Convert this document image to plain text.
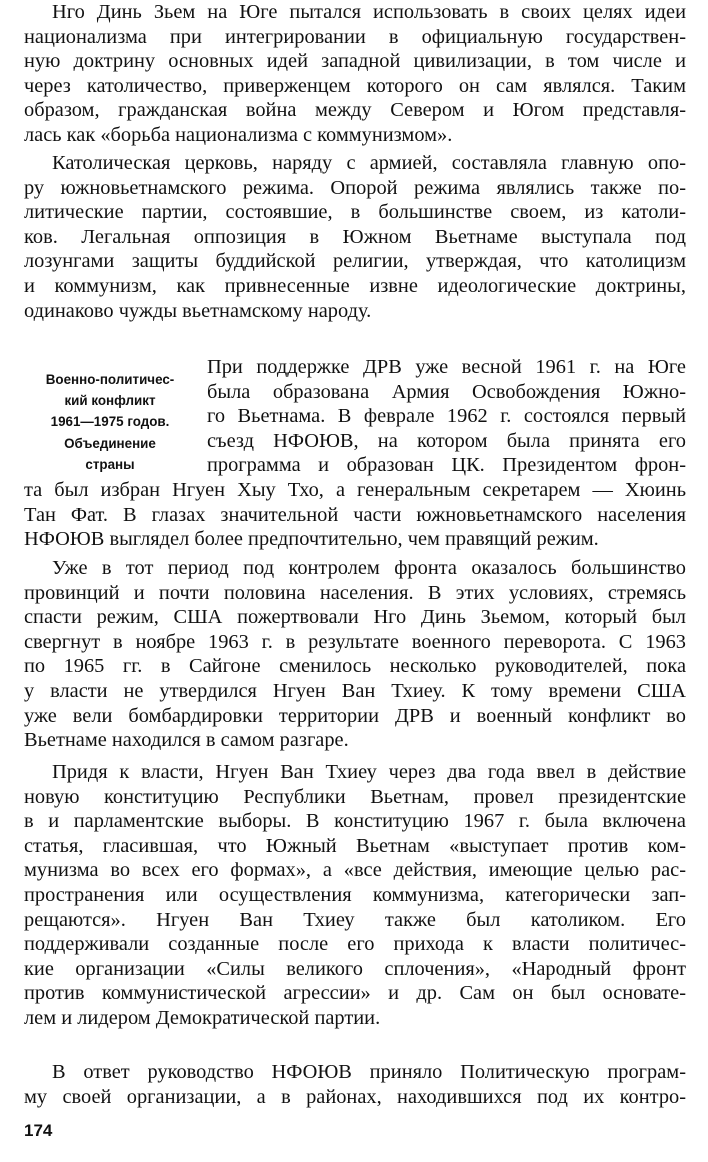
Нго Динь Зьем на Юге пытался использовать в своих целях идеи
национализма при интегрировании в официальную государствен-
ную доктрину основных идей западной цивилизации, в том числе и
через католичество, приверженцем которого он сам являлся. Таким
образом, гражданская война между Севером и Югом представля-
лась как «борьба национализма с коммунизмом».
Католическая церковь, наряду с армией, составляла главную опо-
ру южновьетнамского режима. Опорой режима являлись также по-
литические партии, состоявшие, в большинстве своем, из католи-
ков. Легальная оппозиция в Южном Вьетнаме выступала под
лозунгами защиты буддийской религии, утверждая, что католицизм
и коммунизм, как привнесенные извне идеологические доктрины,
одинаково чужды вьетнамскому народу.
Военно-политичес-
кий конфликт
1961—1975 годов.
Объединение
страны
При поддержке ДРВ уже весной 1961 г. на Юге
была образована Армия Освобождения Южно-
го Вьетнама. В феврале 1962 г. состоялся первый
съезд НФОЮВ, на котором была принята его
программа и образован ЦК. Президентом фрон-
та был избран Нгуен Хыу Тхо, а генеральным секретарем — Хюинь
Тан Фат. В глазах значительной части южновьетнамского населения
НФОЮВ выглядел более предпочтительно, чем правящий режим.
Уже в тот период под контролем фронта оказалось большинство
провинций и почти половина населения. В этих условиях, стремясь
спасти режим, США пожертвовали Нго Динь Зьемом, который был
свергнут в ноябре 1963 г. в результате военного переворота. С 1963
по 1965 гг. в Сайгоне сменилось несколько руководителей, пока
у власти не утвердился Нгуен Ван Тхиеу. К тому времени США
уже вели бомбардировки территории ДРВ и военный конфликт во
Вьетнаме находился в самом разгаре.
Придя к власти, Нгуен Ван Тхиеу через два года ввел в действие
новую конституцию Республики Вьетнам, провел президентские
в и парламентские выборы. В конституцию 1967 г. была включена
статья, гласившая, что Южный Вьетнам «выступает против ком-
мунизма во всех его формах», а «все действия, имеющие целью рас-
пространения или осуществления коммунизма, категорически зап-
рещаются». Нгуен Ван Тхиеу также был католиком. Его
поддерживали созданные после его прихода к власти политичес-
кие организации «Силы великого сплочения», «Народный фронт
против коммунистической агрессии» и др. Сам он был основате-
лем и лидером Демократической партии.
В ответ руководство НФОЮВ приняло Политическую програм-
му своей организации, а в районах, находившихся под их контро-
174
